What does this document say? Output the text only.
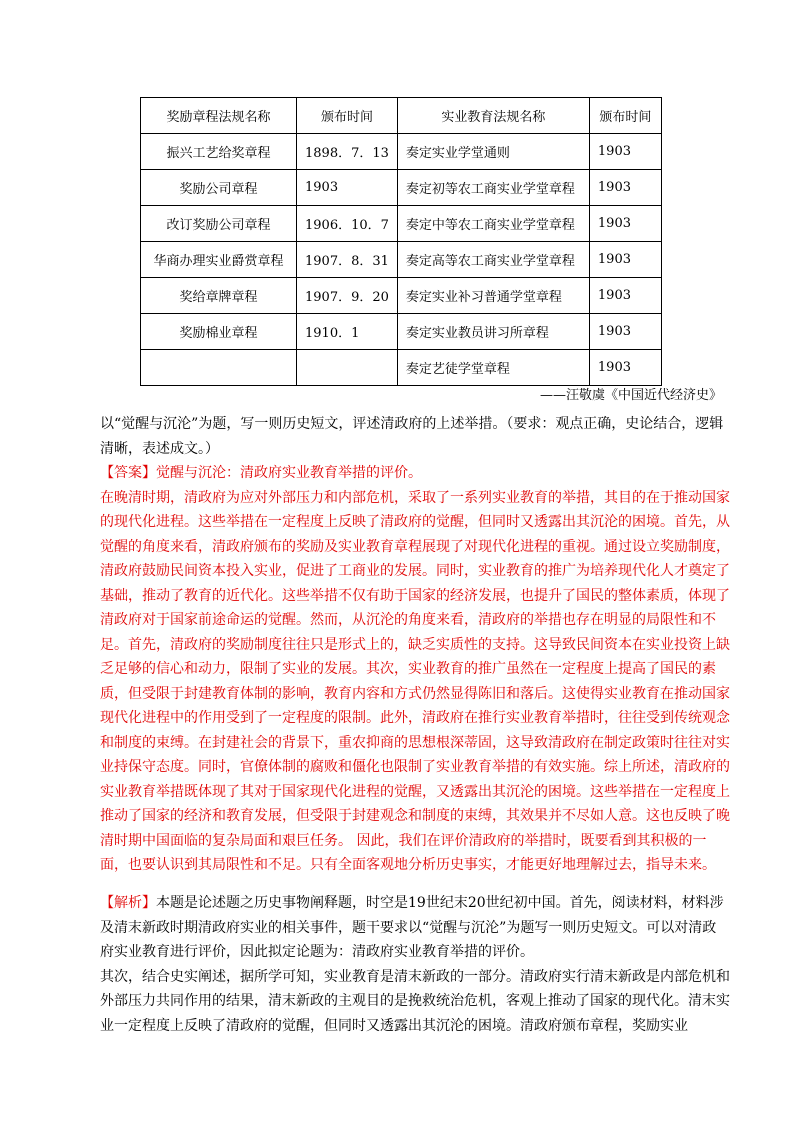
奖励章程法规名称	颁布时间	实业教育法规名称	颁布时间
振兴工艺给奖章程	1898．7．13	奏定实业学堂通则	1903
奖励公司章程	1903	奏定初等农工商实业学堂章程	1903
改订奖励公司章程	1906．10．7	奏定中等农工商实业学堂章程	1903
华商办理实业爵赏章程	1907．8．31	奏定高等农工商实业学堂章程	1903
奖给章牌章程	1907．9．20	奏定实业补习普通学堂章程	1903
奖励棉业章程	1910．1	奏定实业教员讲习所章程	1903
		奏定艺徒学堂章程	1903
——汪敬虞《中国近代经济史》
以“觉醒与沉沦”为题，写一则历史短文，评述清政府的上述举措。（要求：观点正确，史论结合，逻辑清晰，表述成文。）
【答案】觉醒与沉沦：清政府实业教育举措的评价。
在晚清时期，清政府为应对外部压力和内部危机，采取了一系列实业教育的举措，其目的在于推动国家的现代化进程。这些举措在一定程度上反映了清政府的觉醒，但同时又透露出其沉沦的困境。首先，从觉醒的角度来看，清政府颁布的奖励及实业教育章程展现了对现代化进程的重视。通过设立奖励制度，清政府鼓励民间资本投入实业，促进了工商业的发展。同时，实业教育的推广为培养现代化人才奠定了基础，推动了教育的近代化。这些举措不仅有助于国家的经济发展，也提升了国民的整体素质，体现了清政府对于国家前途命运的觉醒。然而，从沉沦的角度来看，清政府的举措也存在明显的局限性和不足。首先，清政府的奖励制度往往只是形式上的，缺乏实质性的支持。这导致民间资本在实业投资上缺乏足够的信心和动力，限制了实业的发展。其次，实业教育的推广虽然在一定程度上提高了国民的素质，但受限于封建教育体制的影响，教育内容和方式仍然显得陈旧和落后。这使得实业教育在推动国家现代化进程中的作用受到了一定程度的限制。此外，清政府在推行实业教育举措时，往往受到传统观念和制度的束缚。在封建社会的背景下，重农抑商的思想根深蒂固，这导致清政府在制定政策时往往对实业持保守态度。同时，官僚体制的腐败和僵化也限制了实业教育举措的有效实施。综上所述，清政府的实业教育举措既体现了其对于国家现代化进程的觉醒，又透露出其沉沦的困境。这些举措在一定程度上推动了国家的经济和教育发展，但受限于封建观念和制度的束缚，其效果并不尽如人意。这也反映了晚清时期中国面临的复杂局面和艰巨任务。 因此，我们在评价清政府的举措时，既要看到其积极的一面，也要认识到其局限性和不足。只有全面客观地分析历史事实，才能更好地理解过去，指导未来。
【解析】本题是论述题之历史事物阐释题，时空是19世纪末20世纪初中国。首先，阅读材料，材料涉及清末新政时期清政府实业的相关事件，题干要求以“觉醒与沉沦”为题写一则历史短文。可以对清政府实业教育进行评价，因此拟定论题为：清政府实业教育举措的评价。
其次，结合史实阐述，据所学可知，实业教育是清末新政的一部分。清政府实行清末新政是内部危机和外部压力共同作用的结果，清末新政的主观目的是挽救统治危机，客观上推动了国家的现代化。清末实业一定程度上反映了清政府的觉醒，但同时又透露出其沉沦的困境。清政府颁布章程，奖励实业
